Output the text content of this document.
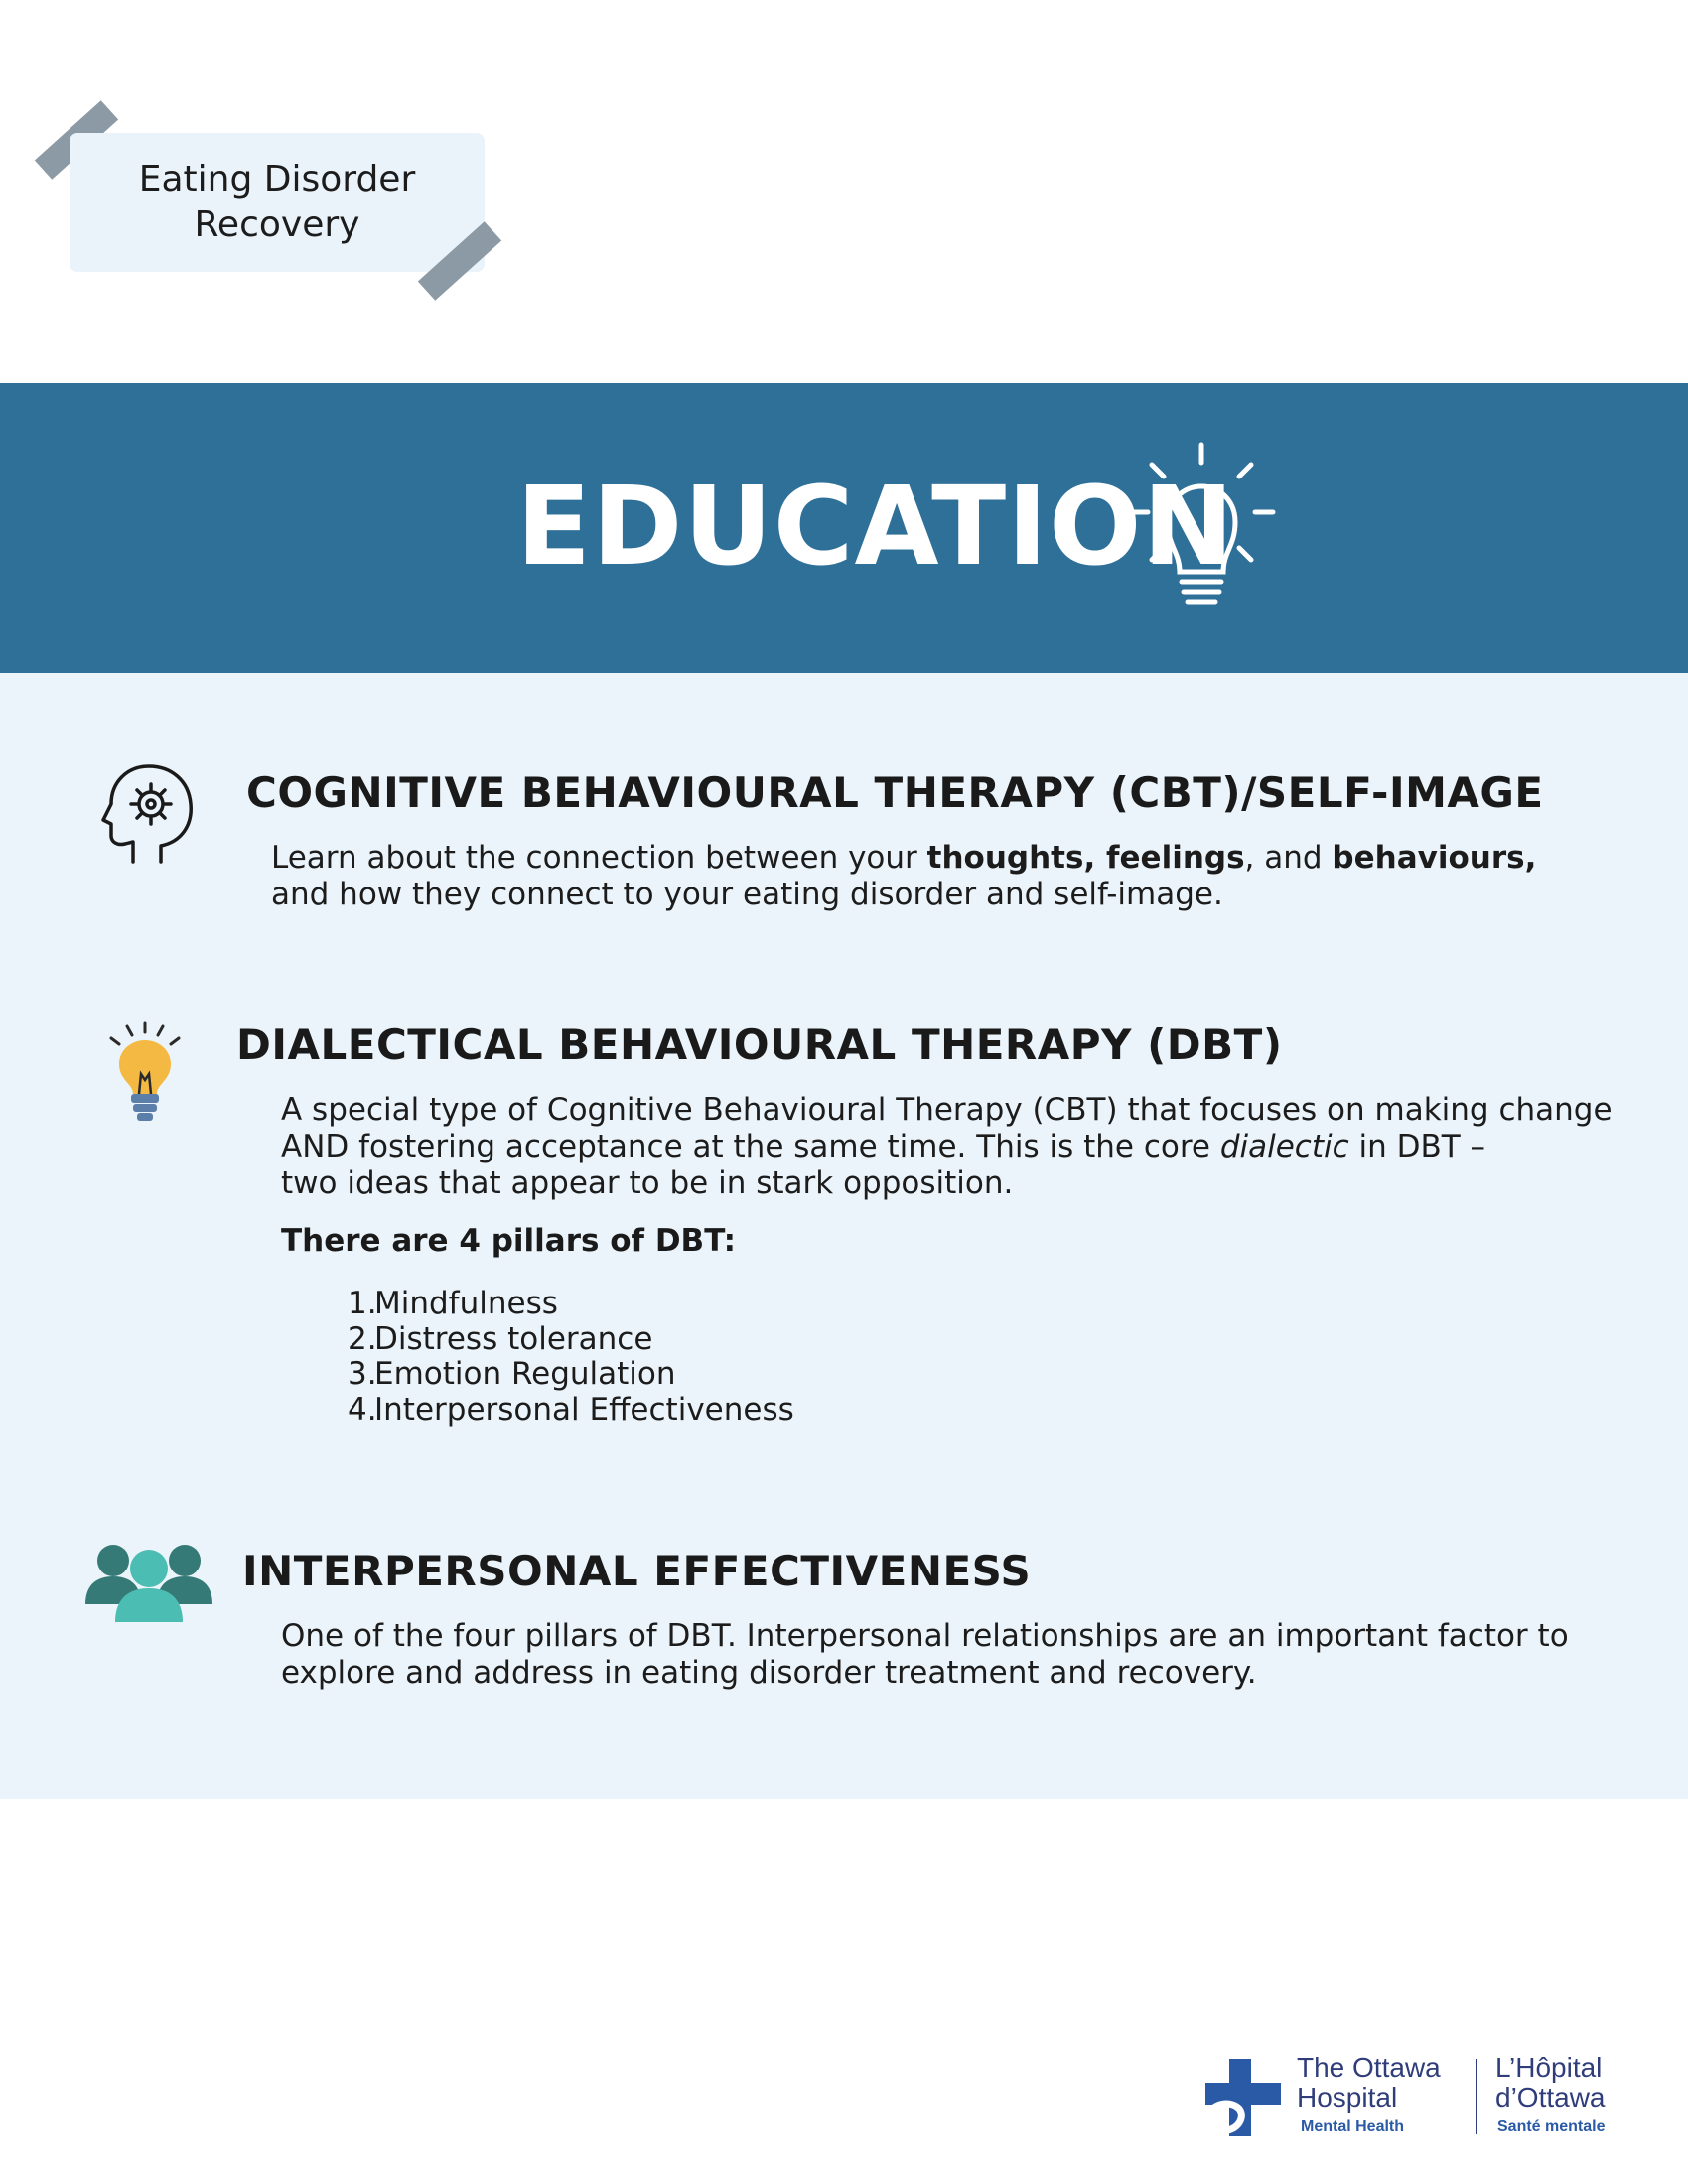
Eating Disorder
Recovery
EDUCATION
COGNITIVE BEHAVIOURAL THERAPY (CBT)/SELF-IMAGE
Learn about the connection between your thoughts, feelings, and behaviours,
and how they connect to your eating disorder and self-image.
DIALECTICAL BEHAVIOURAL THERAPY (DBT)
A special type of Cognitive Behavioural Therapy (CBT) that focuses on making change
AND fostering acceptance at the same time. This is the core dialectic in DBT –
two ideas that appear to be in stark opposition.
There are 4 pillars of DBT:
1.Mindfulness
2.Distress tolerance
3.Emotion Regulation
4.Interpersonal Effectiveness
INTERPERSONAL EFFECTIVENESS
One of the four pillars of DBT. Interpersonal relationships are an important factor to
explore and address in eating disorder treatment and recovery.
The Ottawa
Hospital
Mental Health
L’Hôpital
d’Ottawa
Santé mentale
